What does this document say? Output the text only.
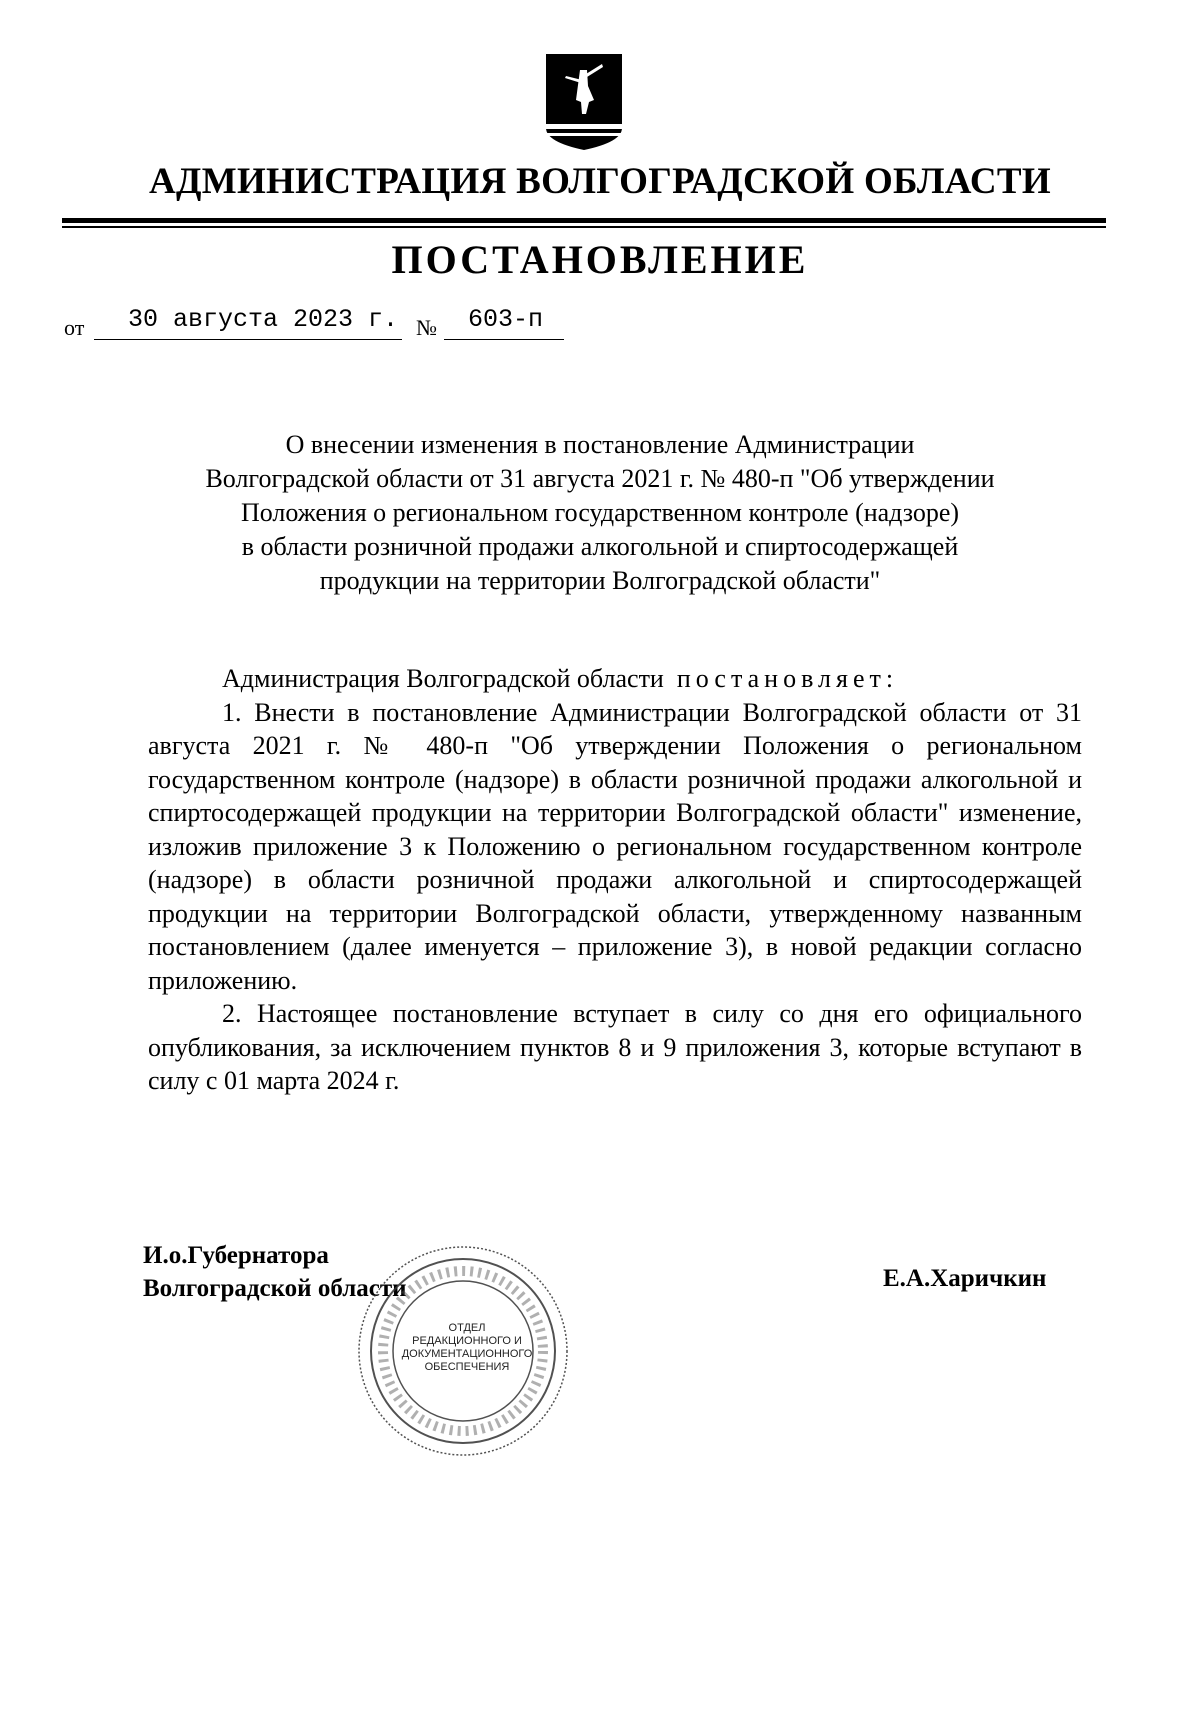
АДМИНИСТРАЦИЯ ВОЛГОГРАДСКОЙ ОБЛАСТИ
ПОСТАНОВЛЕНИЕ
от 30 августа 2023 г. № 603-п
О внесении изменения в постановление Администрации
Волгоградской области от 31 августа 2021 г. № 480-п "Об утверждении
Положения о региональном государственном контроле (надзоре)
в области розничной продажи алкогольной и спиртосодержащей
продукции на территории Волгоградской области"

Администрация Волгоградской области постановляет:

1. Внести в постановление Администрации Волгоградской области от 31 августа 2021 г. № 480-п "Об утверждении Положения о региональном государственном контроле (надзоре) в области розничной продажи алкогольной и спиртосодержащей продукции на территории Волгоградской области" изменение, изложив приложение 3 к Положению о региональном государственном контроле (надзоре) в области розничной продажи алкогольной и спиртосодержащей продукции на территории Волгоградской области, утвержденному названным постановлением (далее именуется – приложение 3), в новой редакции согласно приложению.

2. Настоящее постановление вступает в силу со дня его официального опубликования, за исключением пунктов 8 и 9 приложения 3, которые вступают в силу с 01 марта 2024 г.

И.о.Губернатора
Волгоградской области	Е.А.Харичкин
ОТДЕЛ
РЕДАКЦИОННОГО И
ДОКУМЕНТАЦИОННОГО
ОБЕСПЕЧЕНИЯ
